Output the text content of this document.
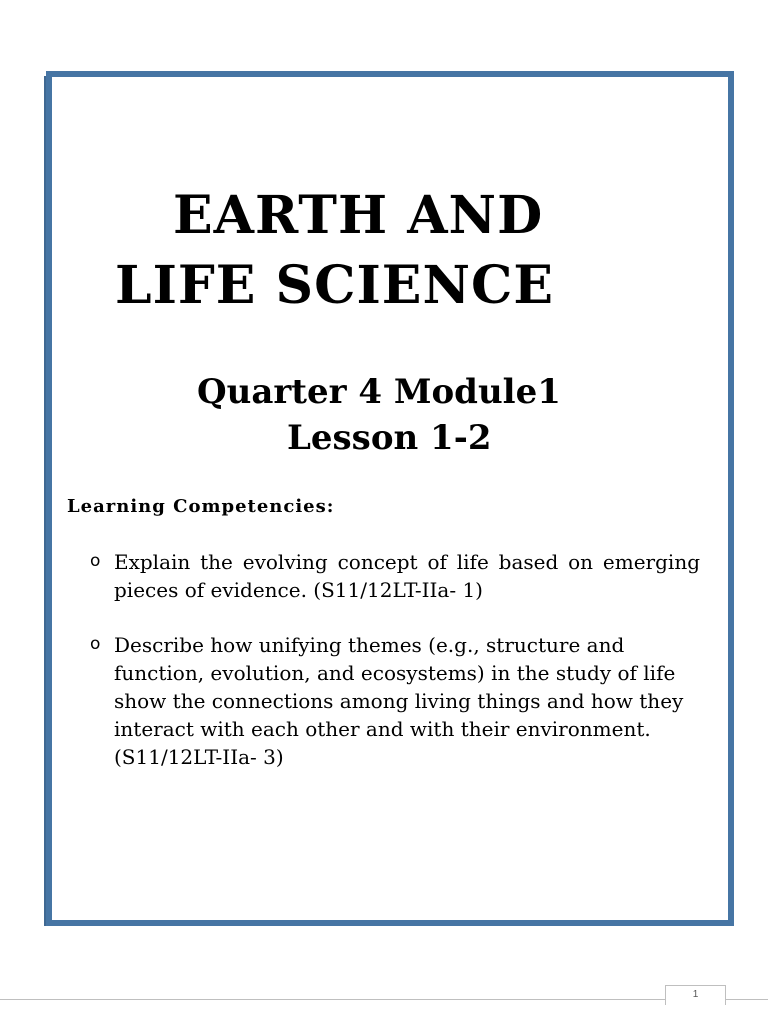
EARTH AND
LIFE SCIENCE
Quarter 4 Module1
Lesson 1-2
Learning Competencies:
o Explain the evolving concept of life based on emerging pieces of evidence. (S11/12LT-IIa- 1)
o Describe how unifying themes (e.g., structure and function, evolution, and ecosystems) in the study of life show the connections among living things and how they interact with each other and with their environment. (S11/12LT-IIa- 3)
1
